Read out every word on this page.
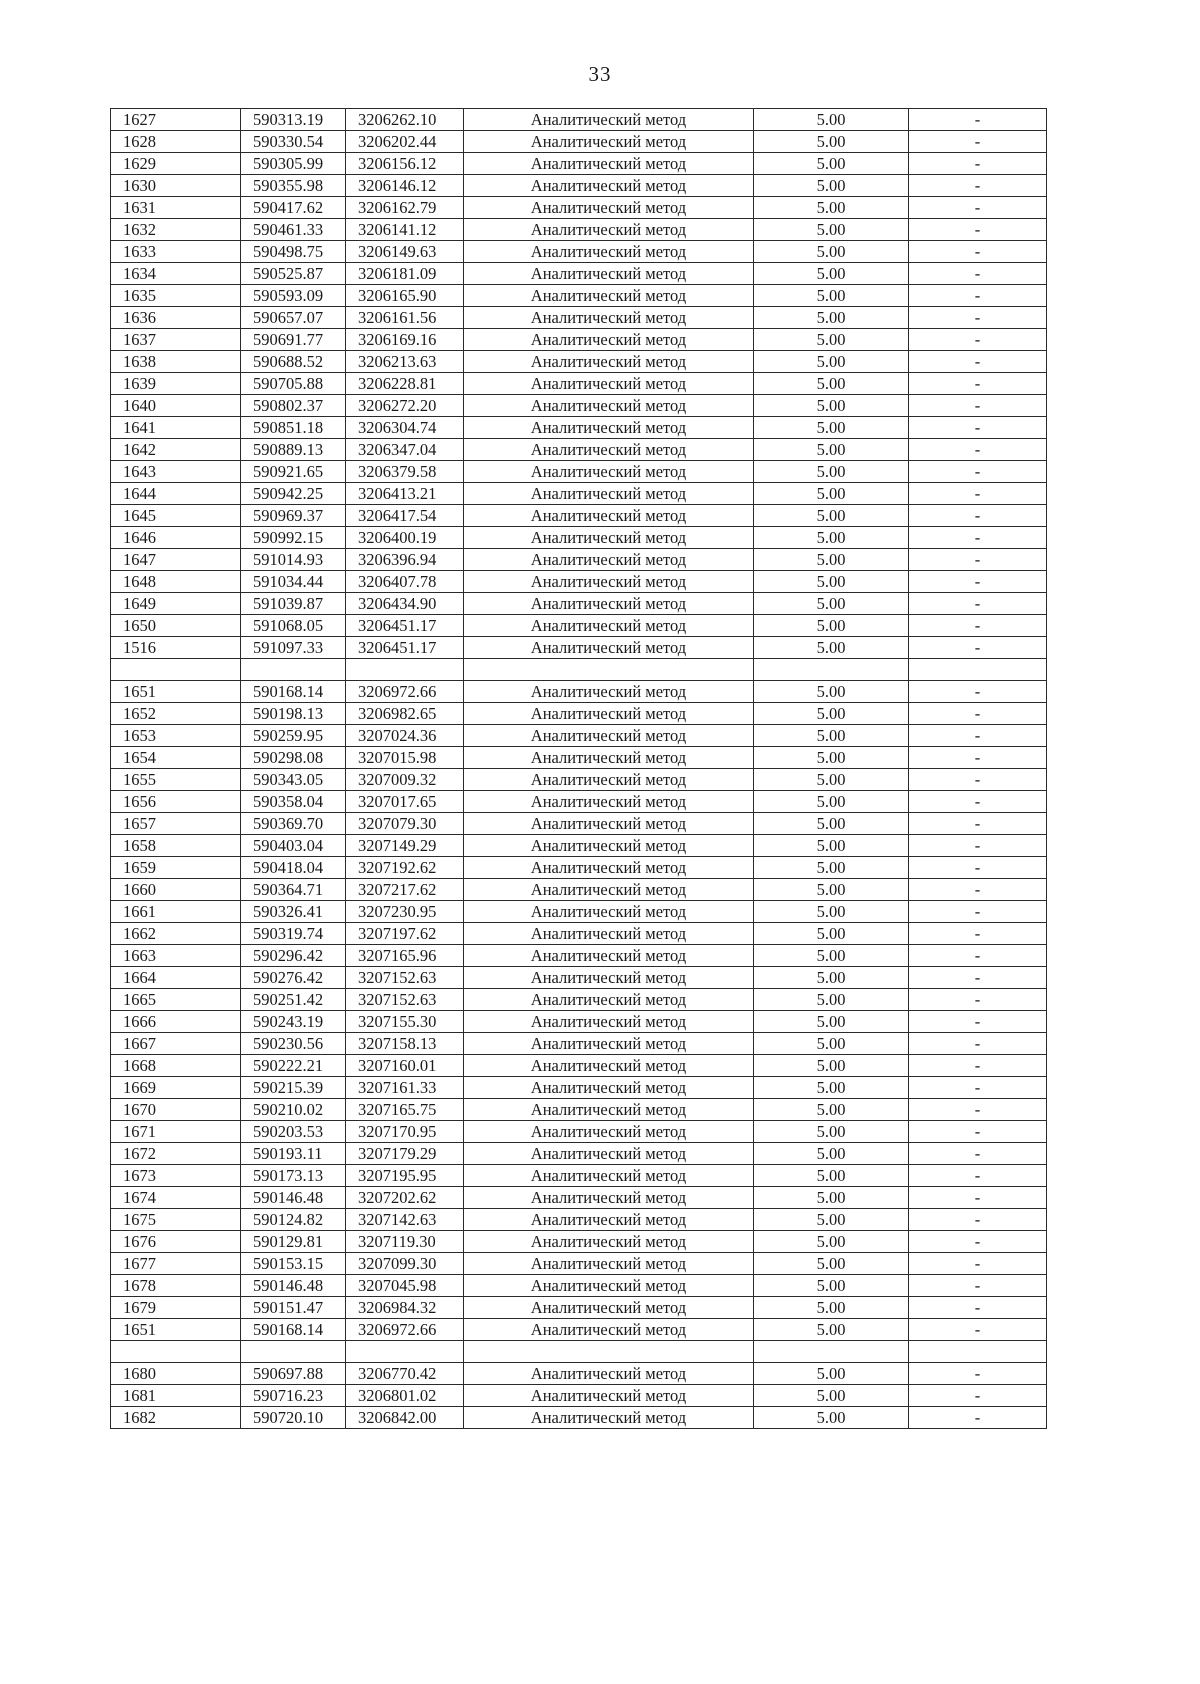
33
1627	590313.19	3206262.10	Аналитический метод	5.00	-
1628	590330.54	3206202.44	Аналитический метод	5.00	-
1629	590305.99	3206156.12	Аналитический метод	5.00	-
1630	590355.98	3206146.12	Аналитический метод	5.00	-
1631	590417.62	3206162.79	Аналитический метод	5.00	-
1632	590461.33	3206141.12	Аналитический метод	5.00	-
1633	590498.75	3206149.63	Аналитический метод	5.00	-
1634	590525.87	3206181.09	Аналитический метод	5.00	-
1635	590593.09	3206165.90	Аналитический метод	5.00	-
1636	590657.07	3206161.56	Аналитический метод	5.00	-
1637	590691.77	3206169.16	Аналитический метод	5.00	-
1638	590688.52	3206213.63	Аналитический метод	5.00	-
1639	590705.88	3206228.81	Аналитический метод	5.00	-
1640	590802.37	3206272.20	Аналитический метод	5.00	-
1641	590851.18	3206304.74	Аналитический метод	5.00	-
1642	590889.13	3206347.04	Аналитический метод	5.00	-
1643	590921.65	3206379.58	Аналитический метод	5.00	-
1644	590942.25	3206413.21	Аналитический метод	5.00	-
1645	590969.37	3206417.54	Аналитический метод	5.00	-
1646	590992.15	3206400.19	Аналитический метод	5.00	-
1647	591014.93	3206396.94	Аналитический метод	5.00	-
1648	591034.44	3206407.78	Аналитический метод	5.00	-
1649	591039.87	3206434.90	Аналитический метод	5.00	-
1650	591068.05	3206451.17	Аналитический метод	5.00	-
1516	591097.33	3206451.17	Аналитический метод	5.00	-

1651	590168.14	3206972.66	Аналитический метод	5.00	-
1652	590198.13	3206982.65	Аналитический метод	5.00	-
1653	590259.95	3207024.36	Аналитический метод	5.00	-
1654	590298.08	3207015.98	Аналитический метод	5.00	-
1655	590343.05	3207009.32	Аналитический метод	5.00	-
1656	590358.04	3207017.65	Аналитический метод	5.00	-
1657	590369.70	3207079.30	Аналитический метод	5.00	-
1658	590403.04	3207149.29	Аналитический метод	5.00	-
1659	590418.04	3207192.62	Аналитический метод	5.00	-
1660	590364.71	3207217.62	Аналитический метод	5.00	-
1661	590326.41	3207230.95	Аналитический метод	5.00	-
1662	590319.74	3207197.62	Аналитический метод	5.00	-
1663	590296.42	3207165.96	Аналитический метод	5.00	-
1664	590276.42	3207152.63	Аналитический метод	5.00	-
1665	590251.42	3207152.63	Аналитический метод	5.00	-
1666	590243.19	3207155.30	Аналитический метод	5.00	-
1667	590230.56	3207158.13	Аналитический метод	5.00	-
1668	590222.21	3207160.01	Аналитический метод	5.00	-
1669	590215.39	3207161.33	Аналитический метод	5.00	-
1670	590210.02	3207165.75	Аналитический метод	5.00	-
1671	590203.53	3207170.95	Аналитический метод	5.00	-
1672	590193.11	3207179.29	Аналитический метод	5.00	-
1673	590173.13	3207195.95	Аналитический метод	5.00	-
1674	590146.48	3207202.62	Аналитический метод	5.00	-
1675	590124.82	3207142.63	Аналитический метод	5.00	-
1676	590129.81	3207119.30	Аналитический метод	5.00	-
1677	590153.15	3207099.30	Аналитический метод	5.00	-
1678	590146.48	3207045.98	Аналитический метод	5.00	-
1679	590151.47	3206984.32	Аналитический метод	5.00	-
1651	590168.14	3206972.66	Аналитический метод	5.00	-

1680	590697.88	3206770.42	Аналитический метод	5.00	-
1681	590716.23	3206801.02	Аналитический метод	5.00	-
1682	590720.10	3206842.00	Аналитический метод	5.00	-
